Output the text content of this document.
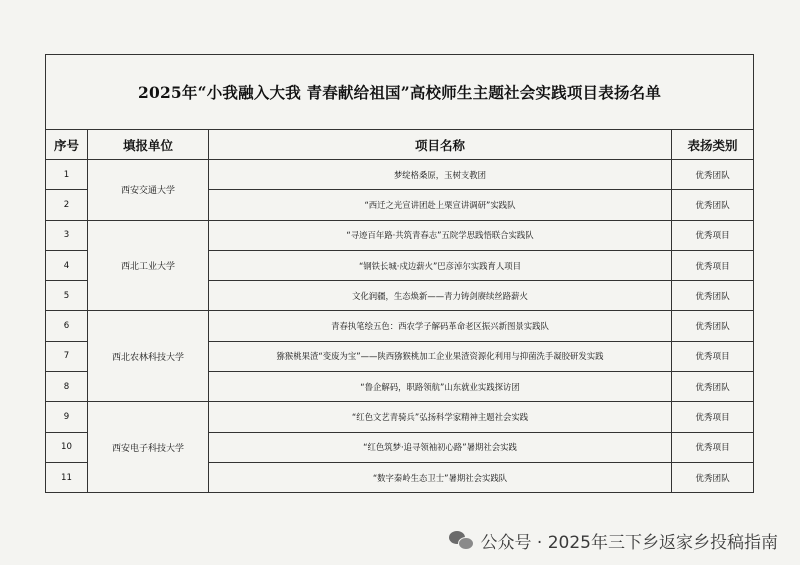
2025年“小我融入大我 青春献给祖国”高校师生主题社会实践项目表扬名单			
序号	填报单位	项目名称	表扬类别
1	西安交通大学	梦绽格桑原，玉树支教团	优秀团队
2		“西迁之光宣讲团赴上栗宣讲调研”实践队	优秀团队
3	西北工业大学	“寻迹百年路·共筑青春志”五院学思践悟联合实践队	优秀项目
4		“钢铁长城·戍边薪火”巴彦淖尔实践育人项目	优秀项目
5		文化润疆，生态焕新——青力铸剑赓续丝路薪火	优秀团队
6	西北农林科技大学	青春执笔绘五色：西农学子解码革命老区振兴新图景实践队	优秀团队
7		猕猴桃果渣“变废为宝”——陕西猕猴桃加工企业果渣资源化利用与抑菌洗手凝胶研发实践	优秀项目
8		“鲁企解码，职路领航”山东就业实践探访团	优秀团队
9	西安电子科技大学	“红色文艺青骑兵”弘扬科学家精神主题社会实践	优秀项目
10		“红色筑梦·追寻领袖初心路”暑期社会实践	优秀项目
11		“数字秦岭生态卫士”暑期社会实践队	优秀团队
公众号 · 2025年三下乡返家乡投稿指南
